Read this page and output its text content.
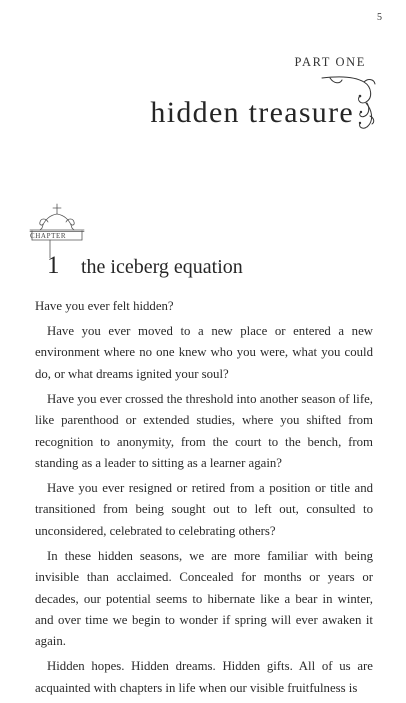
5
PART ONE
hidden treasure
CHAPTER
1 the iceberg equation

Have you ever felt hidden?

Have you ever moved to a new place or entered a new environment where no one knew who you were, what you could do, or what dreams ignited your soul?

Have you ever crossed the threshold into another season of life, like parenthood or extended studies, where you shifted from recognition to anonymity, from the court to the bench, from standing as a leader to sitting as a learner again?

Have you ever resigned or retired from a position or title and transitioned from being sought out to left out, consulted to unconsidered, celebrated to celebrating others?

In these hidden seasons, we are more familiar with being invisible than acclaimed. Concealed for months or years or decades, our potential seems to hibernate like a bear in winter, and over time we begin to wonder if spring will ever awaken it again.

Hidden hopes. Hidden dreams. Hidden gifts. All of us are acquainted with chapters in life when our visible fruitfulness is
